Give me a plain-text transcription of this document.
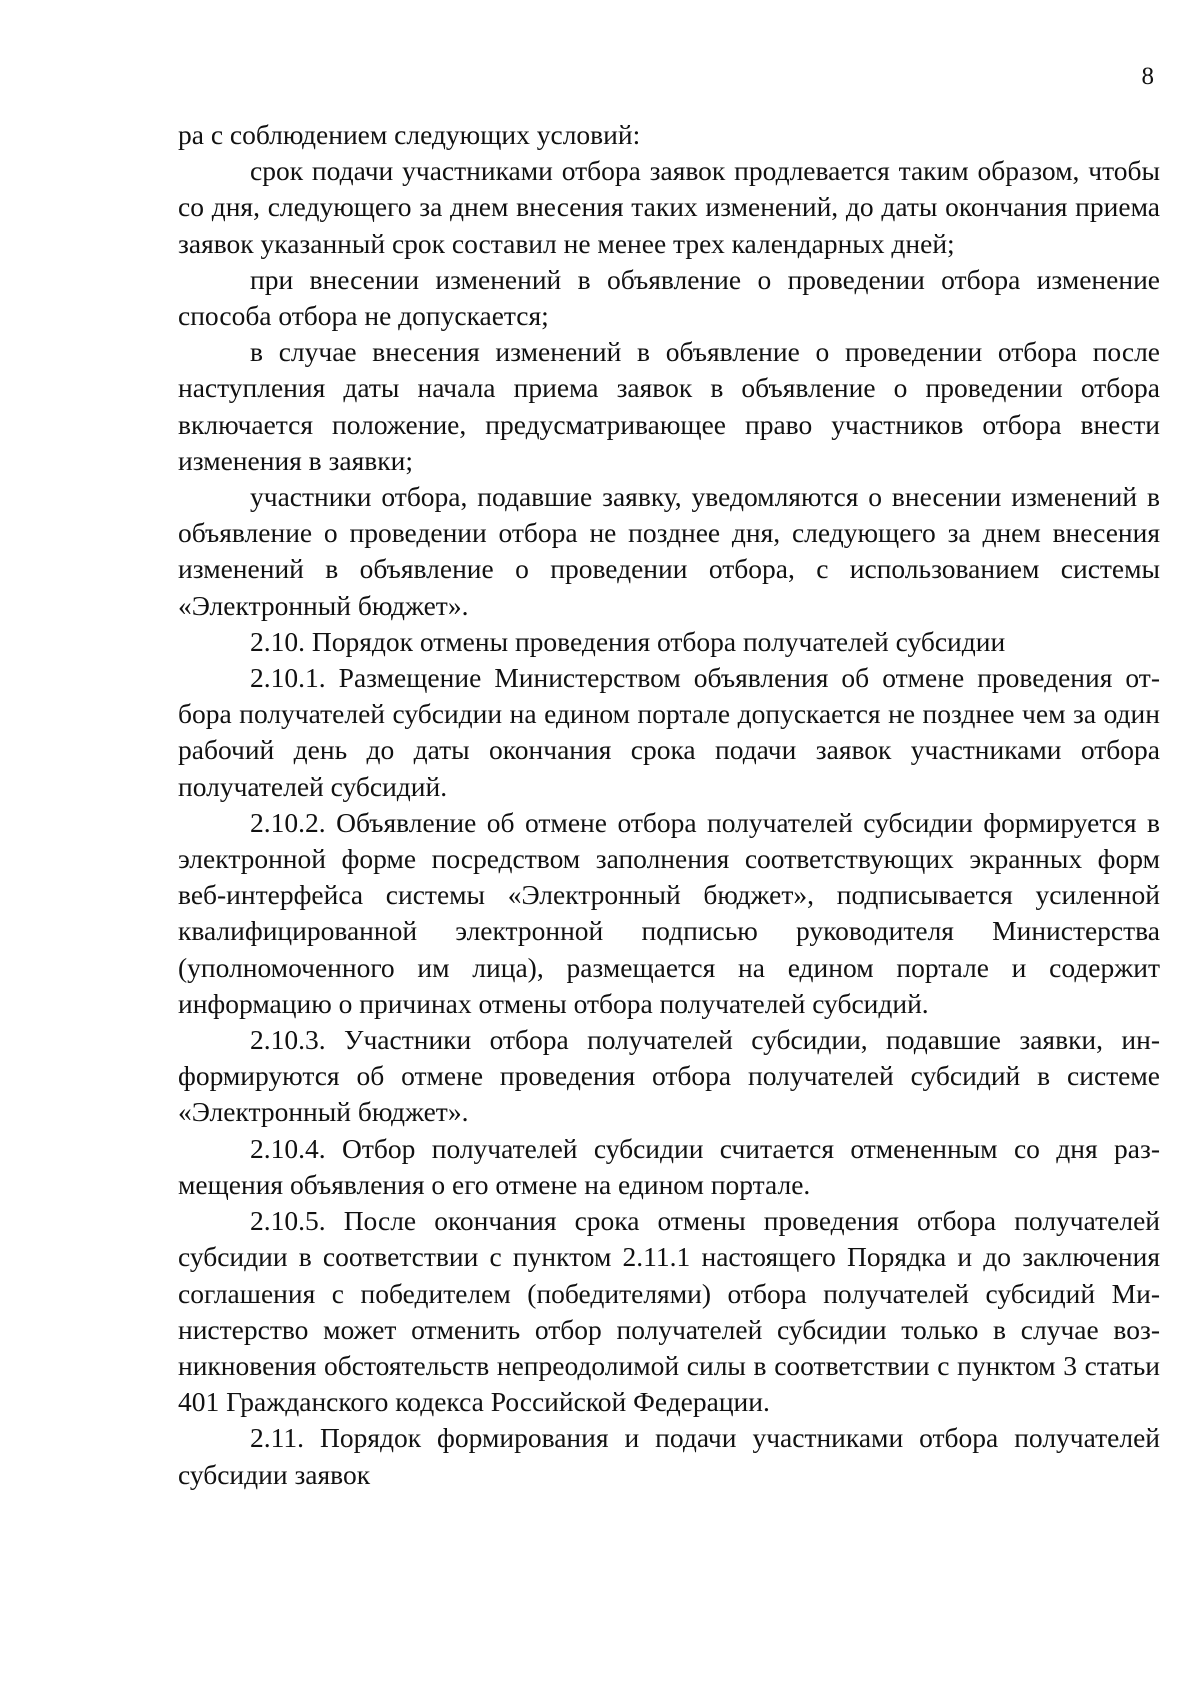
8

ра с соблюдением следующих условий:

срок подачи участниками отбора заявок продлевается таким образом, чтобы со дня, следующего за днем внесения таких изменений, до даты окончания приема заявок указанный срок составил не менее трех календарных дней;

при внесении изменений в объявление о проведении отбора изменение способа отбора не допускается;

в случае внесения изменений в объявление о проведении отбора после наступления даты начала приема заявок в объявление о проведении отбора включается положение, предусматривающее право участников отбора внести изменения в заявки;

участники отбора, подавшие заявку, уведомляются о внесении изменений в объявление о проведении отбора не позднее дня, следующего за днем внесения изменений в объявление о проведении отбора, с использованием системы «Электронный бюджет».

2.10. Порядок отмены проведения отбора получателей субсидии

2.10.1. Размещение Министерством объявления об отмене проведения отбора получателей субсидии на едином портале допускается не позднее чем за один рабочий день до даты окончания срока подачи заявок участниками отбора получателей субсидий.

2.10.2. Объявление об отмене отбора получателей субсидии формируется в электронной форме посредством заполнения соответствующих экранных форм веб-интерфейса системы «Электронный бюджет», подписывается усиленной квалифицированной электронной подписью руководителя Министерства (уполномоченного им лица), размещается на едином портале и содержит информацию о причинах отмены отбора получателей субсидий.

2.10.3. Участники отбора получателей субсидии, подавшие заявки, информируются об отмене проведения отбора получателей субсидий в системе «Электронный бюджет».

2.10.4. Отбор получателей субсидии считается отмененным со дня размещения объявления о его отмене на едином портале.

2.10.5. После окончания срока отмены проведения отбора получателей субсидии в соответствии с пунктом 2.11.1 настоящего Порядка и до заключения соглашения с победителем (победителями) отбора получателей субсидий Министерство может отменить отбор получателей субсидии только в случае возникновения обстоятельств непреодолимой силы в соответствии с пунктом 3 статьи 401 Гражданского кодекса Российской Федерации.

2.11. Порядок формирования и подачи участниками отбора получателей субсидии заявок
